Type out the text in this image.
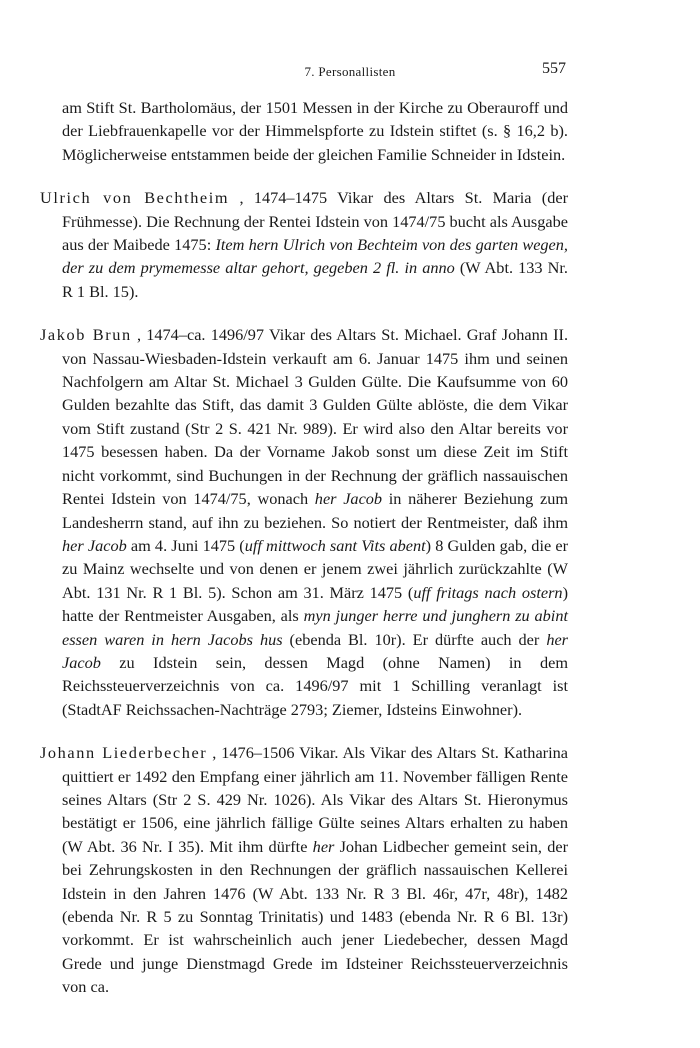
7. Personallisten	557

am Stift St. Bartholomäus, der 1501 Messen in der Kirche zu Oberauroff und der Liebfrauenkapelle vor der Himmelspforte zu Idstein stiftet (s. § 16,2 b). Möglicherweise entstammen beide der gleichen Familie Schneider in Idstein.

Ulrich von Bechtheim , 1474–1475 Vikar des Altars St. Maria (der Frühmesse). Die Rechnung der Rentei Idstein von 1474/75 bucht als Ausgabe aus der Maibede 1475: Item hern Ulrich von Bechteim von des garten wegen, der zu dem prymemesse altar gehort, gegeben 2 fl. in anno (W Abt. 133 Nr. R 1 Bl. 15).

Jakob Brun , 1474–ca. 1496/97 Vikar des Altars St. Michael. Graf Johann II. von Nassau-Wiesbaden-Idstein verkauft am 6. Januar 1475 ihm und seinen Nachfolgern am Altar St. Michael 3 Gulden Gülte. Die Kaufsumme von 60 Gulden bezahlte das Stift, das damit 3 Gulden Gülte ablöste, die dem Vikar vom Stift zustand (Str 2 S. 421 Nr. 989). Er wird also den Altar bereits vor 1475 besessen haben. Da der Vorname Jakob sonst um diese Zeit im Stift nicht vorkommt, sind Buchungen in der Rechnung der gräflich nassauischen Rentei Idstein von 1474/75, wonach her Jacob in näherer Beziehung zum Landesherrn stand, auf ihn zu beziehen. So notiert der Rentmeister, daß ihm her Jacob am 4. Juni 1475 (uff mittwoch sant Vits abent) 8 Gulden gab, die er zu Mainz wechselte und von denen er jenem zwei jährlich zurückzahlte (W Abt. 131 Nr. R 1 Bl. 5). Schon am 31. März 1475 (uff fritags nach ostern) hatte der Rentmeister Ausgaben, als myn junger herre und junghern zu abint essen waren in hern Jacobs hus (ebenda Bl. 10r). Er dürfte auch der her Jacob zu Idstein sein, dessen Magd (ohne Namen) in dem Reichssteuerverzeichnis von ca. 1496/97 mit 1 Schilling veranlagt ist (StadtAF Reichssachen-Nachträge 2793; Ziemer, Idsteins Einwohner).

Johann Liederbecher , 1476–1506 Vikar. Als Vikar des Altars St. Katharina quittiert er 1492 den Empfang einer jährlich am 11. November fälligen Rente seines Altars (Str 2 S. 429 Nr. 1026). Als Vikar des Altars St. Hieronymus bestätigt er 1506, eine jährlich fällige Gülte seines Altars erhalten zu haben (W Abt. 36 Nr. I 35). Mit ihm dürfte her Johan Lidbecher gemeint sein, der bei Zehrungskosten in den Rechnungen der gräflich nassauischen Kellerei Idstein in den Jahren 1476 (W Abt. 133 Nr. R 3 Bl. 46r, 47r, 48r), 1482 (ebenda Nr. R 5 zu Sonntag Trinitatis) und 1483 (ebenda Nr. R 6 Bl. 13r) vorkommt. Er ist wahrscheinlich auch jener Liedebecher, dessen Magd Grede und junge Dienstmagd Grede im Idsteiner Reichssteuerverzeichnis von ca.
